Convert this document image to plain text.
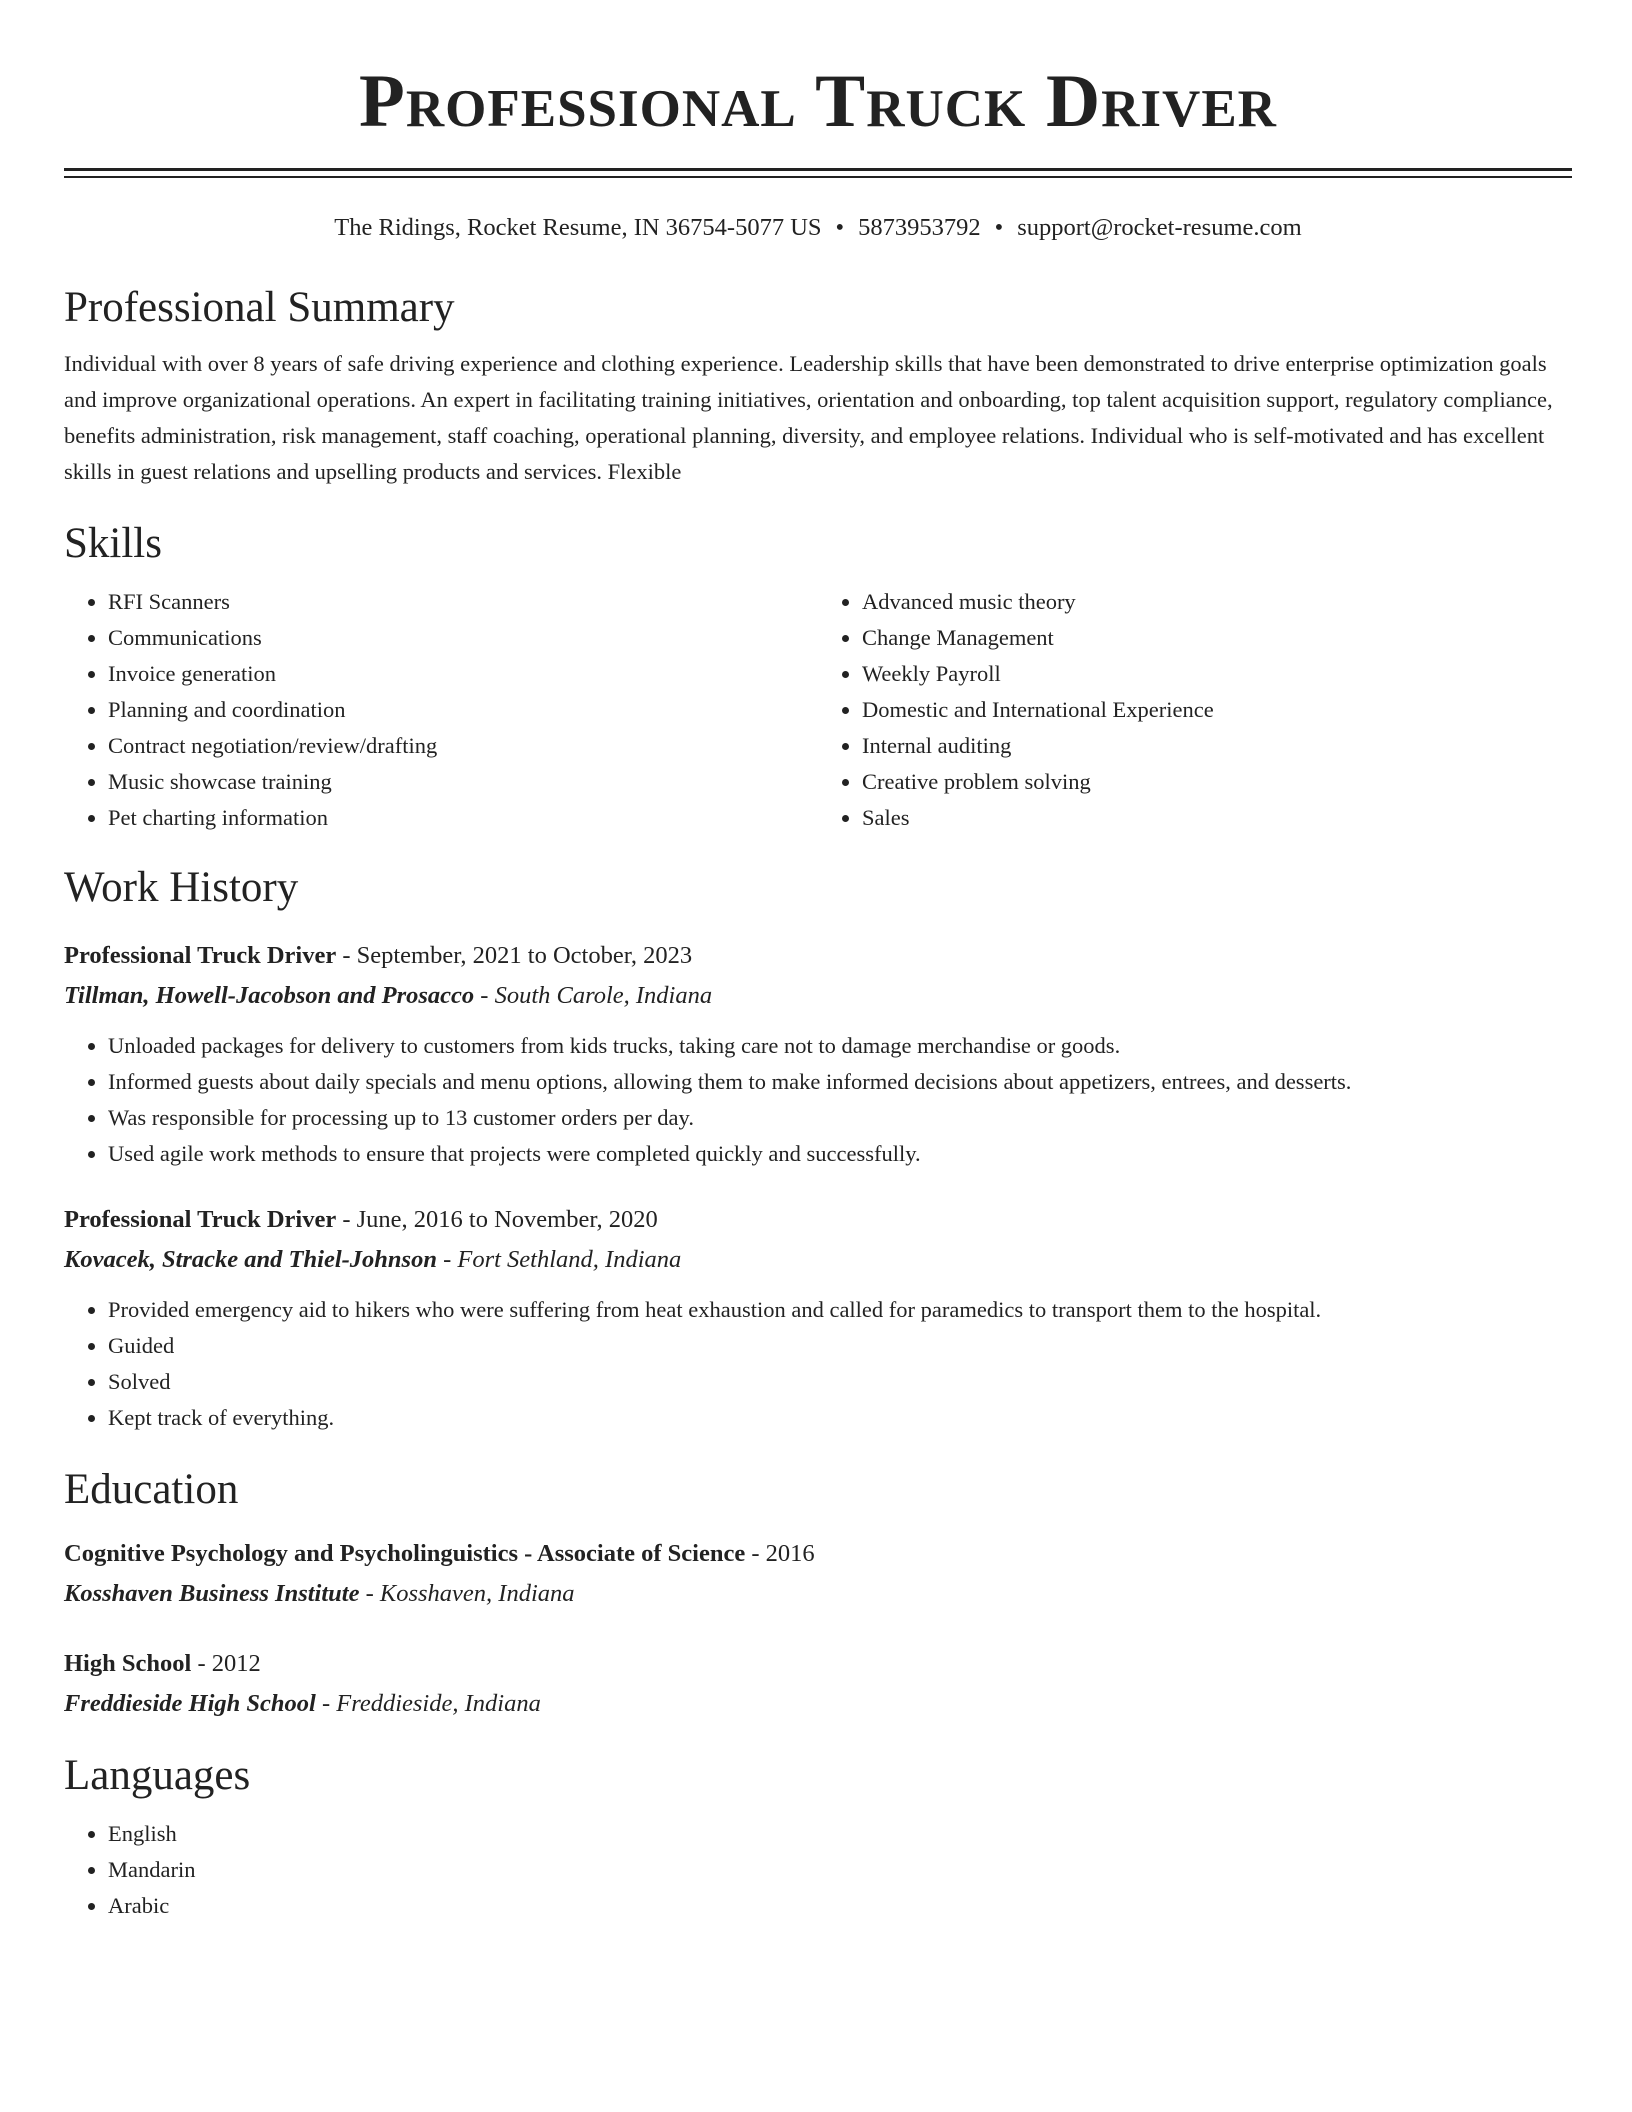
Professional Truck Driver
The Ridings, Rocket Resume, IN 36754-5077 US • 5873953792 • support@rocket-resume.com
Professional Summary

Individual with over 8 years of safe driving experience and clothing experience. Leadership skills that have been demonstrated to drive enterprise optimization goals and improve organizational operations. An expert in facilitating training initiatives, orientation and onboarding, top talent acquisition support, regulatory compliance, benefits administration, risk management, staff coaching, operational planning, diversity, and employee relations. Individual who is self-motivated and has excellent skills in guest relations and upselling products and services. Flexible

Skills
• RFI Scanners
• Communications
• Invoice generation
• Planning and coordination
• Contract negotiation/review/drafting
• Music showcase training
• Pet charting information
• Advanced music theory
• Change Management
• Weekly Payroll
• Domestic and International Experience
• Internal auditing
• Creative problem solving
• Sales
Work History
Professional Truck Driver - September, 2021 to October, 2023
Tillman, Howell-Jacobson and Prosacco - South Carole, Indiana
• Unloaded packages for delivery to customers from kids trucks, taking care not to damage merchandise or goods.
• Informed guests about daily specials and menu options, allowing them to make informed decisions about appetizers, entrees, and desserts.
• Was responsible for processing up to 13 customer orders per day.
• Used agile work methods to ensure that projects were completed quickly and successfully.
Professional Truck Driver - June, 2016 to November, 2020
Kovacek, Stracke and Thiel-Johnson - Fort Sethland, Indiana
• Provided emergency aid to hikers who were suffering from heat exhaustion and called for paramedics to transport them to the hospital.
• Guided
• Solved
• Kept track of everything.
Education
Cognitive Psychology and Psycholinguistics - Associate of Science - 2016
Kosshaven Business Institute - Kosshaven, Indiana
High School - 2012
Freddieside High School - Freddieside, Indiana
Languages
• English
• Mandarin
• Arabic
